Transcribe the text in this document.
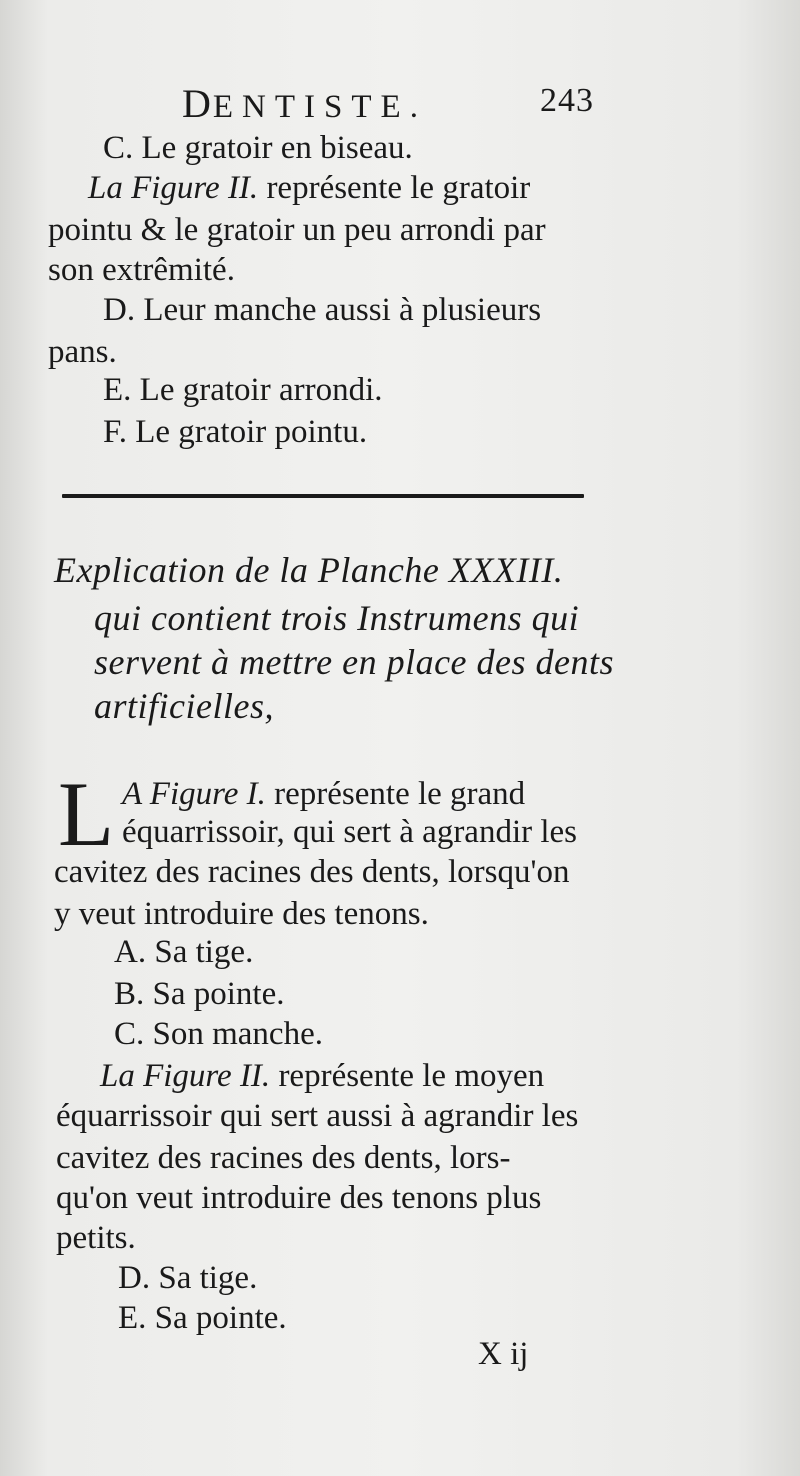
DENTISTE.	243
C. Le gratoir en biseau.
La Figure II. représente le gratoir
pointu & le gratoir un peu arrondi par
son extrêmité.
D. Leur manche aussi à plusieurs
pans.
E. Le gratoir arrondi.
F. Le gratoir pointu.
Explication de la Planche XXXIII.
qui contient trois Instrumens qui
servent à mettre en place des dents
artificielles,
L A Figure I. représente le grand
équarrissoir, qui sert à agrandir les
cavitez des racines des dents, lorsqu'on
y veut introduire des tenons.
A. Sa tige.
B. Sa pointe.
C. Son manche.
La Figure II. représente le moyen
équarrissoir qui sert aussi à agrandir les
cavitez des racines des dents, lors-
qu'on veut introduire des tenons plus
petits.
D. Sa tige.
E. Sa pointe.
X ij
